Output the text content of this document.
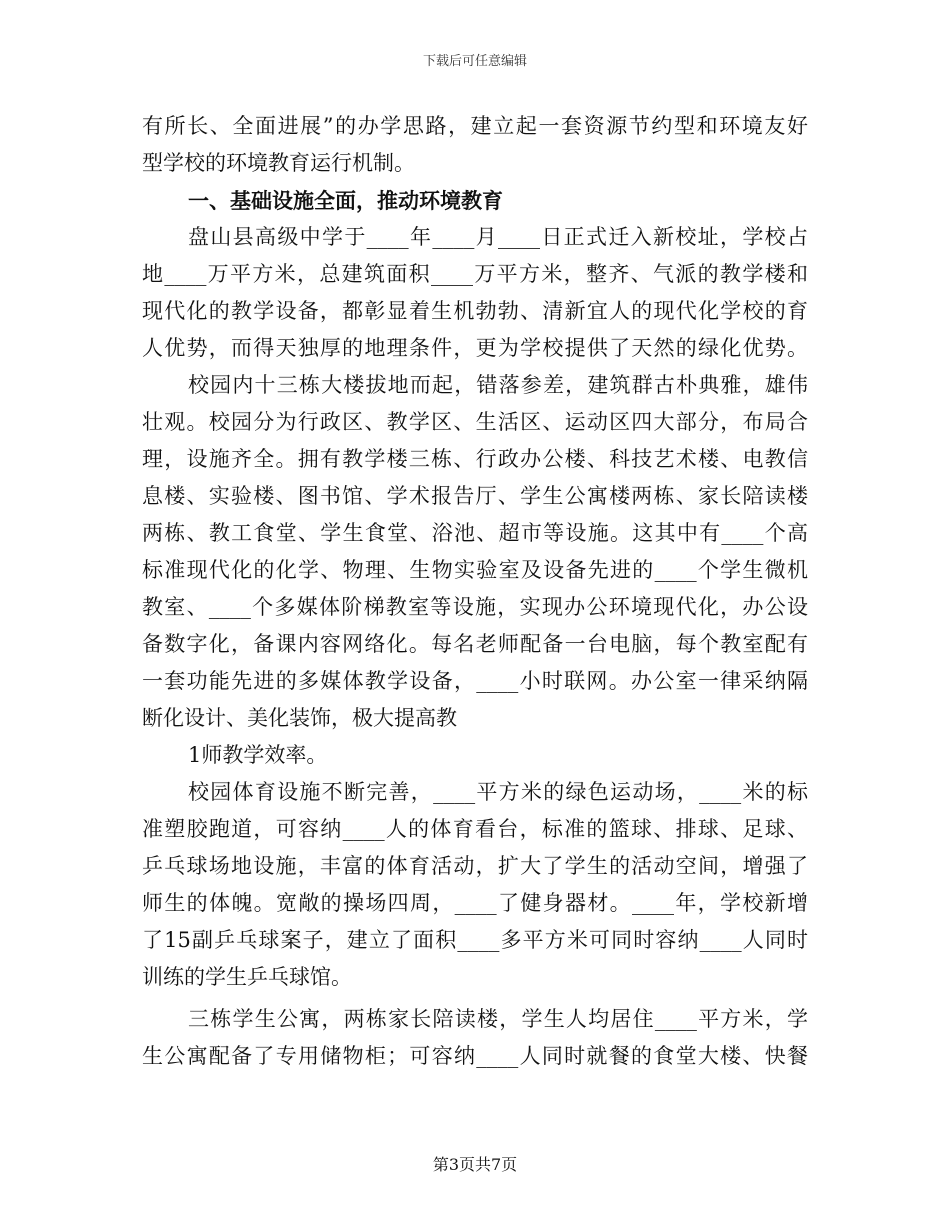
下载后可任意编辑
有所长、全面进展”的办学思路，建立起一套资源节约型和环境友好
型学校的环境教育运行机制。
一、基础设施全面，推动环境教育
盘山县高级中学于____年____月____日正式迁入新校址，学校占
地____万平方米，总建筑面积____万平方米，整齐、气派的教学楼和
现代化的教学设备，都彰显着生机勃勃、清新宜人的现代化学校的育
人优势，而得天独厚的地理条件，更为学校提供了天然的绿化优势。
校园内十三栋大楼拔地而起，错落参差，建筑群古朴典雅，雄伟
壮观。校园分为行政区、教学区、生活区、运动区四大部分，布局合
理，设施齐全。拥有教学楼三栋、行政办公楼、科技艺术楼、电教信
息楼、实验楼、图书馆、学术报告厅、学生公寓楼两栋、家长陪读楼
两栋、教工食堂、学生食堂、浴池、超市等设施。这其中有____个高
标准现代化的化学、物理、生物实验室及设备先进的____个学生微机
教室、____个多媒体阶梯教室等设施，实现办公环境现代化，办公设
备数字化，备课内容网络化。每名老师配备一台电脑，每个教室配有
一套功能先进的多媒体教学设备，____小时联网。办公室一律采纳隔
断化设计、美化装饰，极大提高教
1师教学效率。
校园体育设施不断完善，____平方米的绿色运动场，____米的标
准塑胶跑道，可容纳____人的体育看台，标准的篮球、排球、足球、
乒乓球场地设施，丰富的体育活动，扩大了学生的活动空间，增强了
师生的体魄。宽敞的操场四周，____了健身器材。____年，学校新增
了15副乒乓球案子，建立了面积____多平方米可同时容纳____人同时
训练的学生乒乓球馆。
三栋学生公寓，两栋家长陪读楼，学生人均居住____平方米，学
生公寓配备了专用储物柜；可容纳____人同时就餐的食堂大楼、快餐
第3页共7页
